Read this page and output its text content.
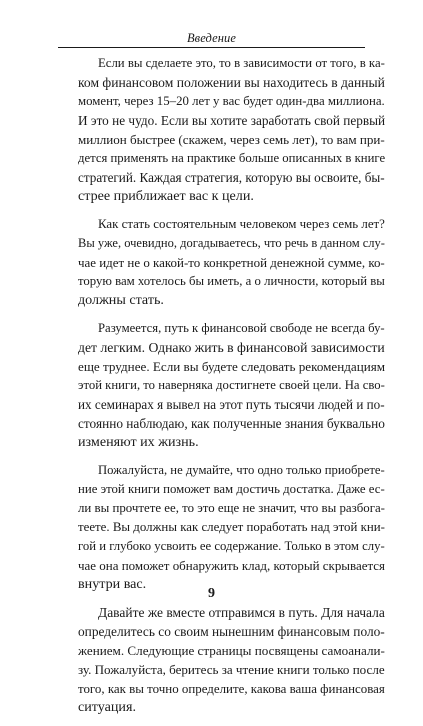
Введение

Если вы сделаете это, то в зависимости от того, в ка-
ком финансовом положении вы находитесь в данный
момент, через 15–20 лет у вас будет один-два миллиона.
И это не чудо. Если вы хотите заработать свой первый
миллион быстрее (скажем, через семь лет), то вам при-
дется применять на практике больше описанных в книге
стратегий. Каждая стратегия, которую вы освоите, бы-
стрее приближает вас к цели.

Как стать состоятельным человеком через семь лет?
Вы уже, очевидно, догадываетесь, что речь в данном слу-
чае идет не о какой-то конкретной денежной сумме, ко-
торую вам хотелось бы иметь, а о личности, который вы
должны стать.

Разумеется, путь к финансовой свободе не всегда бу-
дет легким. Однако жить в финансовой зависимости
еще труднее. Если вы будете следовать рекомендациям
этой книги, то наверняка достигнете своей цели. На сво-
их семинарах я вывел на этот путь тысячи людей и по-
стоянно наблюдаю, как полученные знания буквально
изменяют их жизнь.

Пожалуйста, не думайте, что одно только приобрете-
ние этой книги поможет вам достичь достатка. Даже ес-
ли вы прочтете ее, то это еще не значит, что вы разбога-
теете. Вы должны как следует поработать над этой кни-
гой и глубоко усвоить ее содержание. Только в этом слу-
чае она поможет обнаружить клад, который скрывается
внутри вас.

Давайте же вместе отправимся в путь. Для начала
определитесь со своим нынешним финансовым поло-
жением. Следующие страницы посвящены самоанали-
зу. Пожалуйста, беритесь за чтение книги только после
того, как вы точно определите, какова ваша финансовая
ситуация.

9
